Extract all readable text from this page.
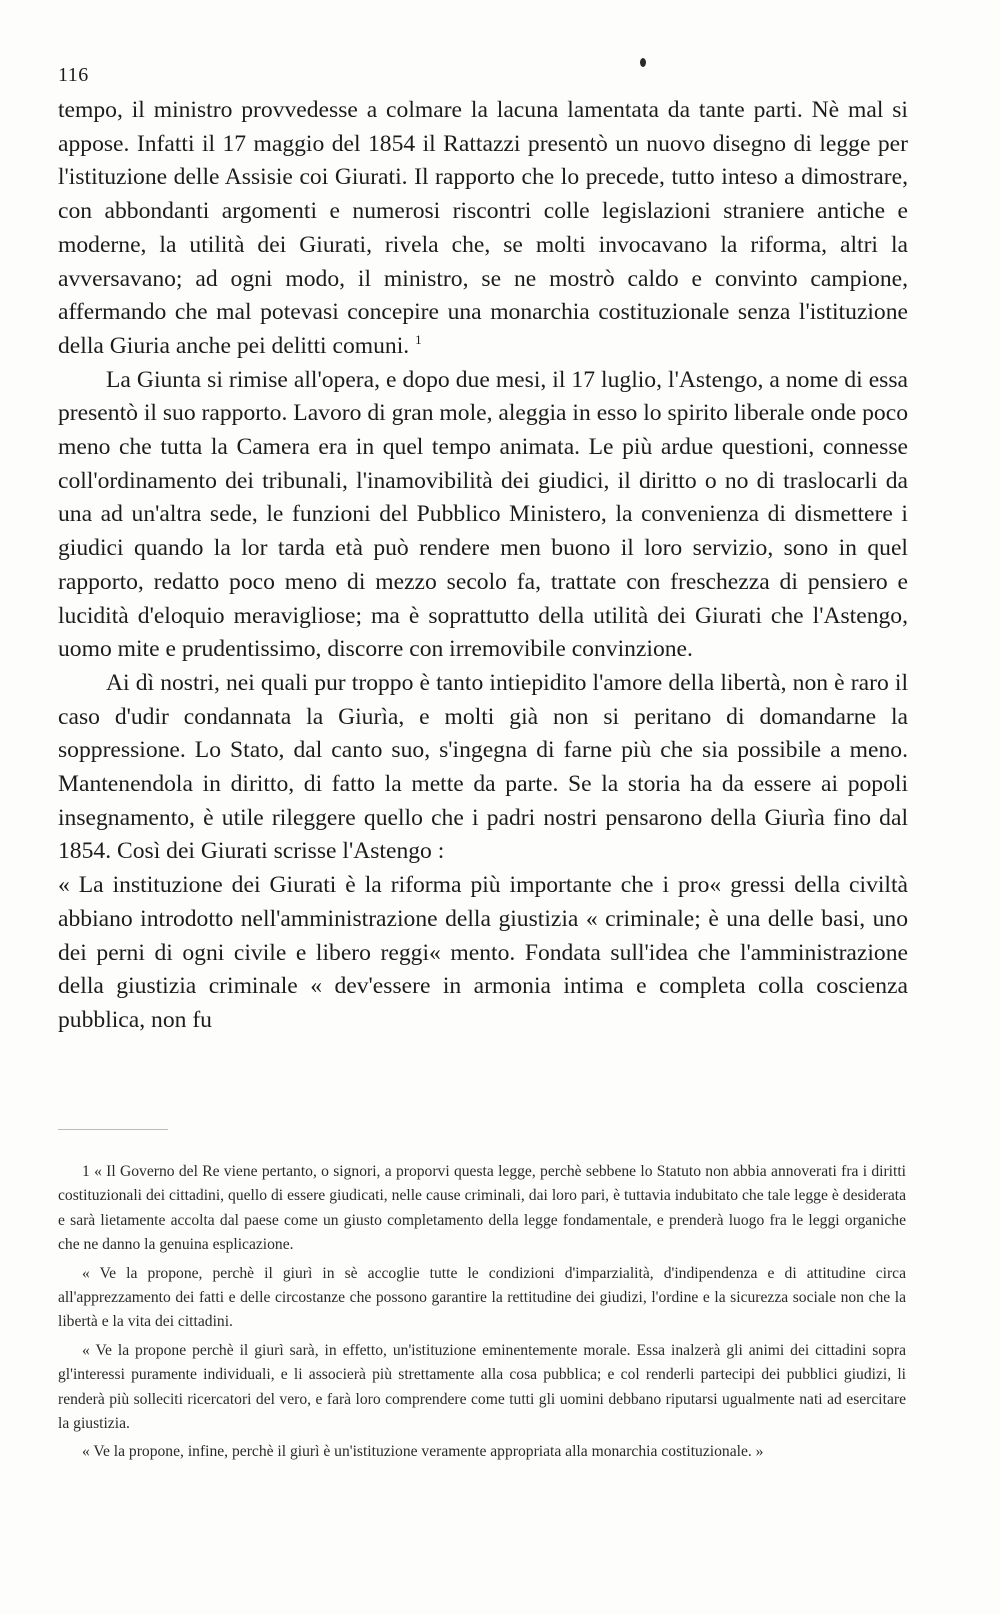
116

tempo, il ministro provvedesse a colmare la lacuna lamentata da tante parti. Nè mal si appose. Infatti il 17 maggio del 1854 il Rattazzi presentò un nuovo disegno di legge per l'istituzione delle Assisie coi Giurati. Il rapporto che lo precede, tutto inteso a dimostrare, con abbondanti argomenti e numerosi riscontri colle legislazioni straniere antiche e moderne, la utilità dei Giurati, rivela che, se molti invocavano la riforma, altri la avversavano; ad ogni modo, il ministro, se ne mostrò caldo e convinto campione, affermando che mal potevasi concepire una monarchia costituzionale senza l'istituzione della Giuria anche pei delitti comuni. $^1$

La Giunta si rimise all'opera, e dopo due mesi, il 17 luglio, l'Astengo, a nome di essa presentò il suo rapporto. Lavoro di gran mole, aleggia in esso lo spirito liberale onde poco meno che tutta la Camera era in quel tempo animata. Le più ardue questioni, connesse coll'ordinamento dei tribunali, l'inamovibilità dei giudici, il diritto o no di traslocarli da una ad un'altra sede, le funzioni del Pubblico Ministero, la convenienza di dismettere i giudici quando la lor tarda età può rendere men buono il loro servizio, sono in quel rapporto, redatto poco meno di mezzo secolo fa, trattate con freschezza di pensiero e lucidità d'eloquio meravigliose; ma è soprattutto della utilità dei Giurati che l'Astengo, uomo mite e prudentissimo, discorre con irremovibile convinzione.

Ai dì nostri, nei quali pur troppo è tanto intiepidito l'amore della libertà, non è raro il caso d'udir condannata la Giurìa, e molti già non si peritano di domandarne la soppressione. Lo Stato, dal canto suo, s'ingegna di farne più che sia possibile a meno. Mantenendola in diritto, di fatto la mette da parte. Se la storia ha da essere ai popoli insegnamento, è utile rileggere quello che i padri nostri pensarono della Giurìa fino dal 1854. Così dei Giurati scrisse l'Astengo :

« La instituzione dei Giurati è la riforma più importante che i pro« gressi della civiltà abbiano introdotto nell'amministrazione della giustizia « criminale; è una delle basi, uno dei perni di ogni civile e libero reggi« mento. Fondata sull'idea che l'amministrazione della giustizia criminale « dev'essere in armonia intima e completa colla coscienza pubblica, non fu

1 « Il Governo del Re viene pertanto, o signori, a proporvi questa legge, perchè sebbene lo Statuto non abbia annoverati fra i diritti costituzionali dei cittadini, quello di essere giudicati, nelle cause criminali, dai loro pari, è tuttavia indubitato che tale legge è desiderata e sarà lietamente accolta dal paese come un giusto completamento della legge fondamentale, e prenderà luogo fra le leggi organiche che ne danno la genuina esplicazione.

« Ve la propone, perchè il giurì in sè accoglie tutte le condizioni d'imparzialità, d'indipendenza e di attitudine circa all'apprezzamento dei fatti e delle circostanze che possono garantire la rettitudine dei giudizi, l'ordine e la sicurezza sociale non che la libertà e la vita dei cittadini.

« Ve la propone perchè il giurì sarà, in effetto, un'istituzione eminentemente morale. Essa inalzerà gli animi dei cittadini sopra gl'interessi puramente individuali, e li associerà più strettamente alla cosa pubblica; e col renderli partecipi dei pubblici giudizi, li renderà più solleciti ricercatori del vero, e farà loro comprendere come tutti gli uomini debbano riputarsi ugualmente nati ad esercitare la giustizia.

« Ve la propone, infine, perchè il giurì è un'istituzione veramente appropriata alla monarchia costituzionale. »
